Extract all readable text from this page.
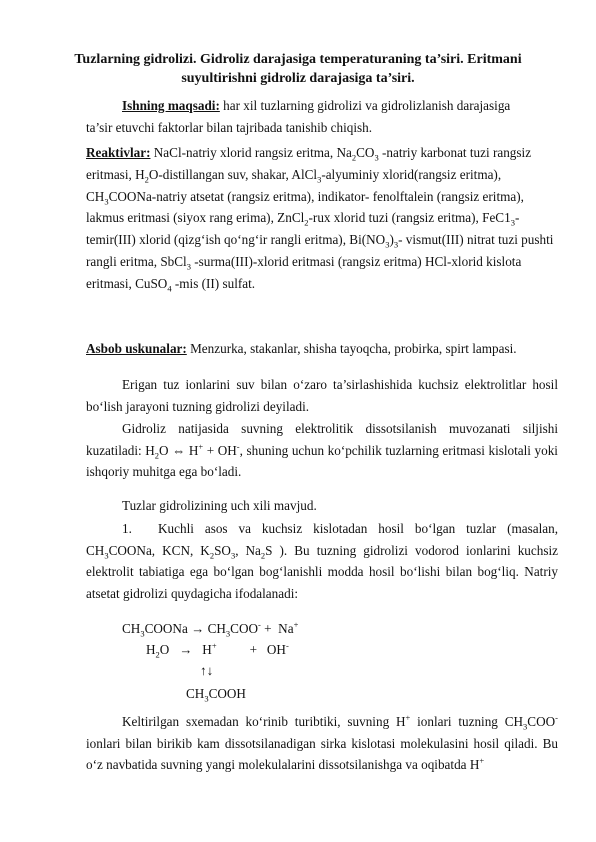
Tuzlarning gidrolizi. Gidroliz darajasiga temperaturaning ta’siri. Eritmani
suyultirishni gidroliz darajasiga ta’siri.

Ishning maqsadi: har xil tuzlarning gidrolizi va gidrolizlanish darajasiga
ta’sir etuvchi faktorlar bilan tajribada tanishib chiqish.

Reaktivlar: NaCl-natriy xlorid rangsiz eritma, $Na_2CO_3$ -natriy karbonat tuzi rangsiz eritmasi, $H_2O$-distillangan suv, shakar, AlCl$_3$-alyuminiy xlorid(rangsiz eritma), $CH_3COONa$-natriy atsetat (rangsiz eritma), indikator- fenolftalein (rangsiz eritma), lakmus eritmasi (siyox rang erima), ZnCl$_2$-rux xlorid tuzi (rangsiz eritma), $FeC1_3-temir(III)$ xlorid (qizg‘ish qo‘ng‘ir rangli eritma), $Bi(NO_3)_3-$ vismut(III) nitrat tuzi pushti rangli eritma, SbCl$_3$ -surma(III)-xlorid eritmasi (rangsiz eritma) HCl-xlorid kislota eritmasi, CuSO$_4$ -mis (II) sulfat.

Asbob uskunalar: Menzurka, stakanlar, shisha tayoqcha, probirka, spirt lampasi.

Erigan tuz ionlarini suv bilan o‘zaro ta’sirlashishida kuchsiz elektrolitlar hosil bo‘lish jarayoni tuzning gidrolizi deyiladi.

Gidroliz natijasida suvning elektrolitik dissotsilanish muvozanati siljishi kuzatiladi: $H_2O$ ⇔ H+ + OH-, shuning uchun ko‘pchilik tuzlarning eritmasi kislotali yoki ishqoriy muhitga ega bo‘ladi.

Tuzlar gidrolizining uch xili mavjud.

1. Kuchli asos va kuchsiz kislotadan hosil bo‘lgan tuzlar (masalan, $CH_3COONa$, KCN, $K_2SO_3$, $Na_2S$ ). Bu tuzning gidrolizi vodorod ionlarini kuchsiz elektrolit tabiatiga ega bo‘lgan bog‘lanishli modda hosil bo‘lishi bilan bog‘liq. Natriy atsetat gidrolizi quydagicha ifodalanadi:

$CH_3COONa \to CH_3COO^- + Na^+$
$H_2O \to H^+$          +   OH-
↑↓
$CH_3COOH$

Keltirilgan sxemadan ko‘rinib turibtiki, suvning H+ ionlari tuzning $CH_3COO^-$ ionlari bilan birikib kam dissotsilanadigan sirka kislotasi molekulasini hosil qiladi. Bu o‘z navbatida suvning yangi molekulalarini dissotsilanishga va oqibatda H+
